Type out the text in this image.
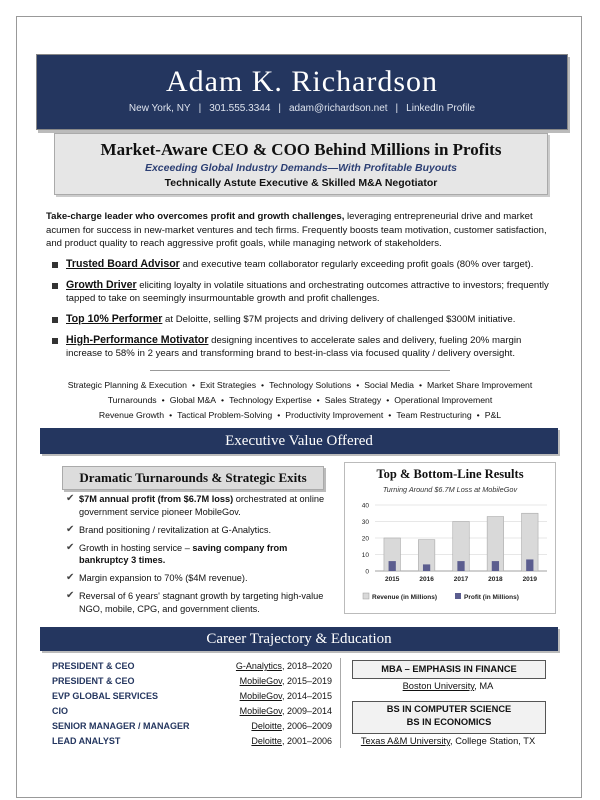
Adam K. Richardson
New York, NY | 301.555.3344 | adam@richardson.net | LinkedIn Profile
Market-Aware CEO & COO Behind Millions in Profits
Exceeding Global Industry Demands—With Profitable Buyouts
Technically Astute Executive & Skilled M&A Negotiator
Take-charge leader who overcomes profit and growth challenges, leveraging entrepreneurial drive and market acumen for success in new-market ventures and tech firms. Frequently boosts team motivation, customer satisfaction, and product quality to reach aggressive profit goals, while managing network of stakeholders.
Trusted Board Advisor and executive team collaborator regularly exceeding profit goals (80% over target).
Growth Driver eliciting loyalty in volatile situations and orchestrating outcomes attractive to investors; frequently tapped to take on seemingly insurmountable growth and profit challenges.
Top 10% Performer at Deloitte, selling $7M projects and driving delivery of challenged $300M initiative.
High-Performance Motivator designing incentives to accelerate sales and delivery, fueling 20% margin increase to 58% in 2 years and transforming brand to best-in-class via focused quality / delivery oversight.
Strategic Planning & Execution • Exit Strategies • Technology Solutions • Social Media • Market Share Improvement
Turnarounds • Global M&A • Technology Expertise • Sales Strategy • Operational Improvement
Revenue Growth • Tactical Problem-Solving • Productivity Improvement • Team Restructuring • P&L
Executive Value Offered
Dramatic Turnarounds & Strategic Exits
✔ $7M annual profit (from $6.7M loss) orchestrated at online government service pioneer MobileGov.
✔ Brand positioning / revitalization at G-Analytics.
✔ Growth in hosting service – saving company from bankruptcy 3 times.
✔ Margin expansion to 70% ($4M revenue).
✔ Reversal of 6 years' stagnant growth by targeting high-value NGO, mobile, CPG, and government clients.
Top & Bottom-Line Results
Turning Around $6.7M Loss at MobileGov
0
10
20
30
40
2015	2016	2017	2018	2019
Revenue (in Millions)	Profit (in Millions)
Career Trajectory & Education
PRESIDENT & CEO	G-Analytics, 2018–2020
PRESIDENT & CEO	MobileGov, 2015–2019
EVP GLOBAL SERVICES	MobileGov, 2014–2015
CIO	MobileGov, 2009–2014
SENIOR MANAGER / MANAGER	Deloitte, 2006–2009
LEAD ANALYST	Deloitte, 2001–2006
MBA – EMPHASIS IN FINANCE
Boston University, MA
BS IN COMPUTER SCIENCE
BS IN ECONOMICS
Texas A&M University, College Station, TX
